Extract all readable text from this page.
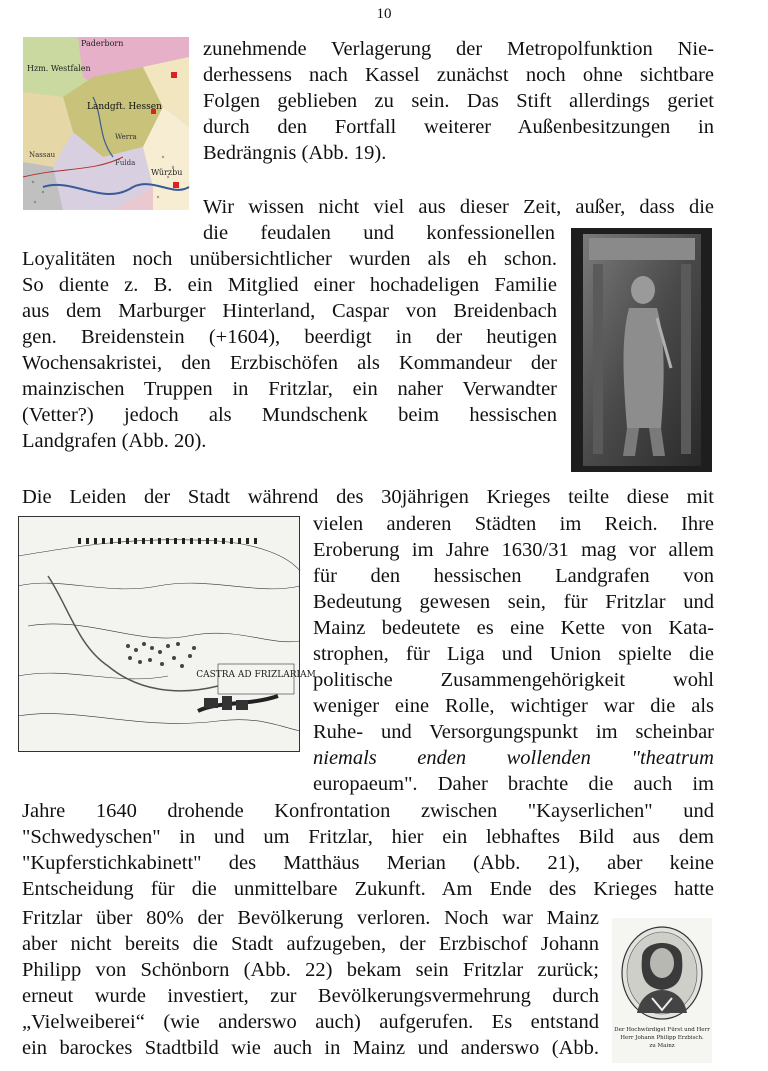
10
Paderborn
Hzm. Westfalen
Landgft. Hessen
Werra
Würzbu
Nassau
Fulda
CASTRA AD FRIZLARIAM
Der Hochwürdigst Fürst und Herr
Herr Johann Philipp Erzbisch.
zu Mainz
zunehmende Verlagerung der Metropolfunktion Nie-
derhessens nach Kassel zunächst noch ohne sichtbare
Folgen geblieben zu sein. Das Stift allerdings geriet
durch den Fortfall weiterer Außenbesitzungen in
Bedrängnis (Abb. 19).
Wir wissen nicht viel aus dieser Zeit, außer, dass die
die feudalen und konfessionellen
Loyalitäten noch unübersichtlicher wurden als eh schon.
So diente z. B. ein Mitglied einer hochadeligen Familie
aus dem Marburger Hinterland, Caspar von Breidenbach
gen. Breidenstein (+1604), beerdigt in der heutigen
Wochensakristei, den Erzbischöfen als Kommandeur der
mainzischen Truppen in Fritzlar, ein naher Verwandter
(Vetter?) jedoch als Mundschenk beim hessischen
Landgrafen (Abb. 20).
Die Leiden der Stadt während des 30jährigen Krieges teilte diese mit
vielen anderen Städten im Reich. Ihre
Eroberung im Jahre 1630/31 mag vor allem
für den hessischen Landgrafen von
Bedeutung gewesen sein, für Fritzlar und
Mainz bedeutete es eine Kette von Kata-
strophen, für Liga und Union spielte die
politische Zusammengehörigkeit wohl
weniger eine Rolle, wichtiger war die als
Ruhe- und Versorgungspunkt im scheinbar
niemals enden wollenden "theatrum
europaeum". Daher brachte die auch im
Jahre 1640 drohende Konfrontation zwischen "Kayserlichen" und
"Schwedyschen" in und um Fritzlar, hier ein lebhaftes Bild aus dem
"Kupferstichkabinett" des Matthäus Merian (Abb. 21), aber keine
Entscheidung für die unmittelbare Zukunft. Am Ende des Krieges hatte
Fritzlar über 80% der Bevölkerung verloren. Noch war Mainz
aber nicht bereits die Stadt aufzugeben, der Erzbischof Johann
Philipp von Schönborn (Abb. 22) bekam sein Fritzlar zurück;
erneut wurde investiert, zur Bevölkerungsvermehrung durch
„Vielweiberei“ (wie anderswo auch) aufgerufen. Es entstand
ein barockes Stadtbild wie auch in Mainz und anderswo (Abb.
